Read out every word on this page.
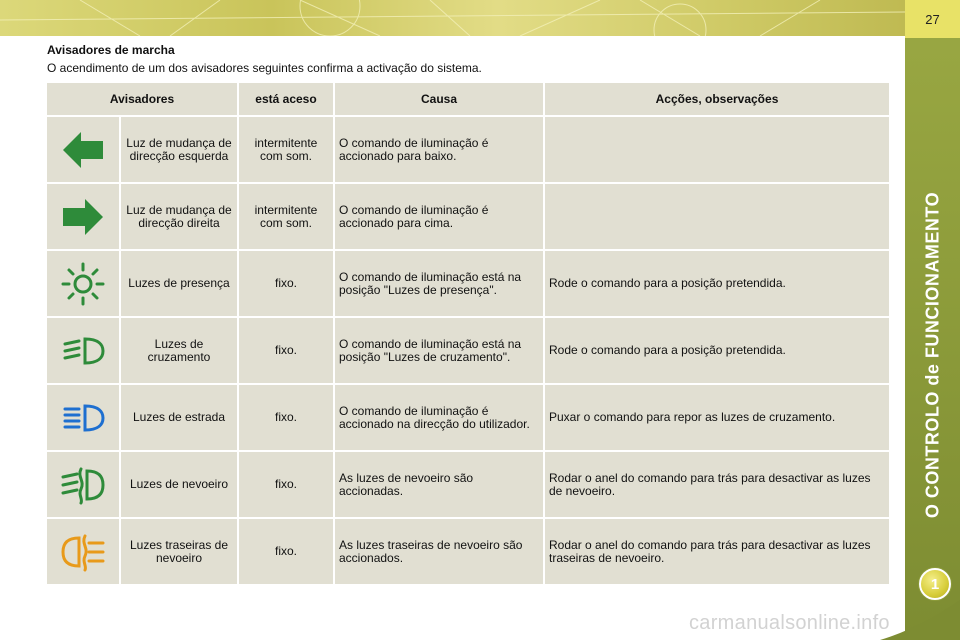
27
O CONTROLO de FUNCIONAMENTO
1
Avisadores de marcha
O acendimento de um dos avisadores seguintes confirma a activação do sistema.
Avisadores		está aceso	Causa	Acções, observações
	Luz de mudança de direcção esquerda	intermitente com som.	O comando de iluminação é accionado para baixo.	
	Luz de mudança de direcção direita	intermitente com som.	O comando de iluminação é accionado para cima.	
	Luzes de presença	fixo.	O comando de iluminação está na posição "Luzes de presença".	Rode o comando para a posição pretendida.
	Luzes de cruzamento	fixo.	O comando de iluminação está na posição "Luzes de cruzamento".	Rode o comando para a posição pretendida.
	Luzes de estrada	fixo.	O comando de iluminação é accionado na direcção do utilizador.	Puxar o comando para repor as luzes de cruzamento.
	Luzes de nevoeiro	fixo.	As luzes de nevoeiro são accionadas.	Rodar o anel do comando para trás para desactivar as luzes de nevoeiro.
	Luzes traseiras de nevoeiro	fixo.	As luzes traseiras de nevoeiro são accionados.	Rodar o anel do comando para trás para desactivar as luzes traseiras de nevoeiro.
carmanualsonline.info
